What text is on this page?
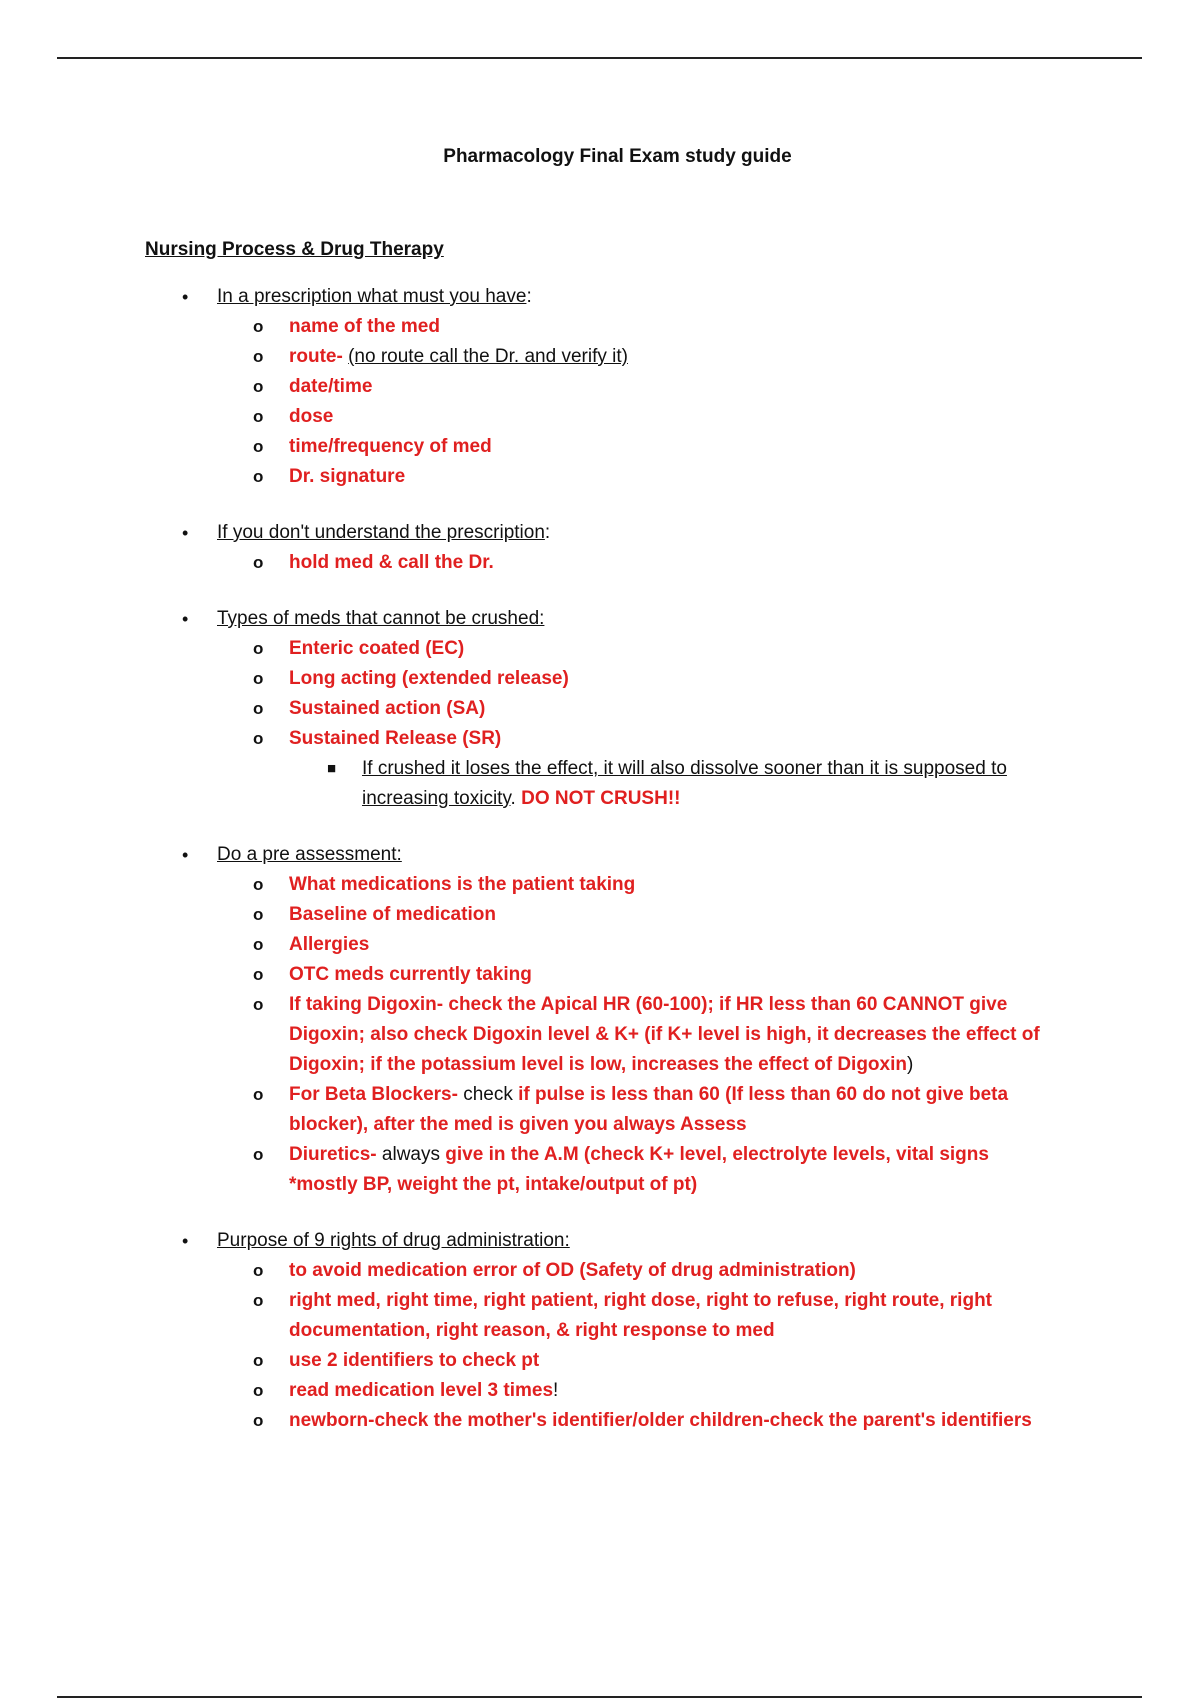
Pharmacology Final Exam study guide
Nursing Process & Drug Therapy
• In a prescription what must you have:
o name of the med
o route- (no route call the Dr. and verify it)
o date/time
o dose
o time/frequency of med
o Dr. signature
• If you don't understand the prescription:
o hold med & call the Dr.
• Types of meds that cannot be crushed:
o Enteric coated (EC)
o Long acting (extended release)
o Sustained action (SA)
o Sustained Release (SR)
■ If crushed it loses the effect, it will also dissolve sooner than it is supposed to increasing toxicity. DO NOT CRUSH!!
• Do a pre assessment:
o What medications is the patient taking
o Baseline of medication
o Allergies
o OTC meds currently taking
o If taking Digoxin- check the Apical HR (60-100); if HR less than 60 CANNOT give Digoxin; also check Digoxin level & K+ (if K+ level is high, it decreases the effect of Digoxin; if the potassium level is low, increases the effect of Digoxin)
o For Beta Blockers- check if pulse is less than 60 (If less than 60 do not give beta blocker), after the med is given you always Assess
o Diuretics- always give in the A.M (check K+ level, electrolyte levels, vital signs *mostly BP, weight the pt, intake/output of pt)
• Purpose of 9 rights of drug administration:
o to avoid medication error of OD (Safety of drug administration)
o right med, right time, right patient, right dose, right to refuse, right route, right documentation, right reason, & right response to med
o use 2 identifiers to check pt
o read medication level 3 times!
o newborn-check the mother's identifier/older children-check the parent's identifiers
